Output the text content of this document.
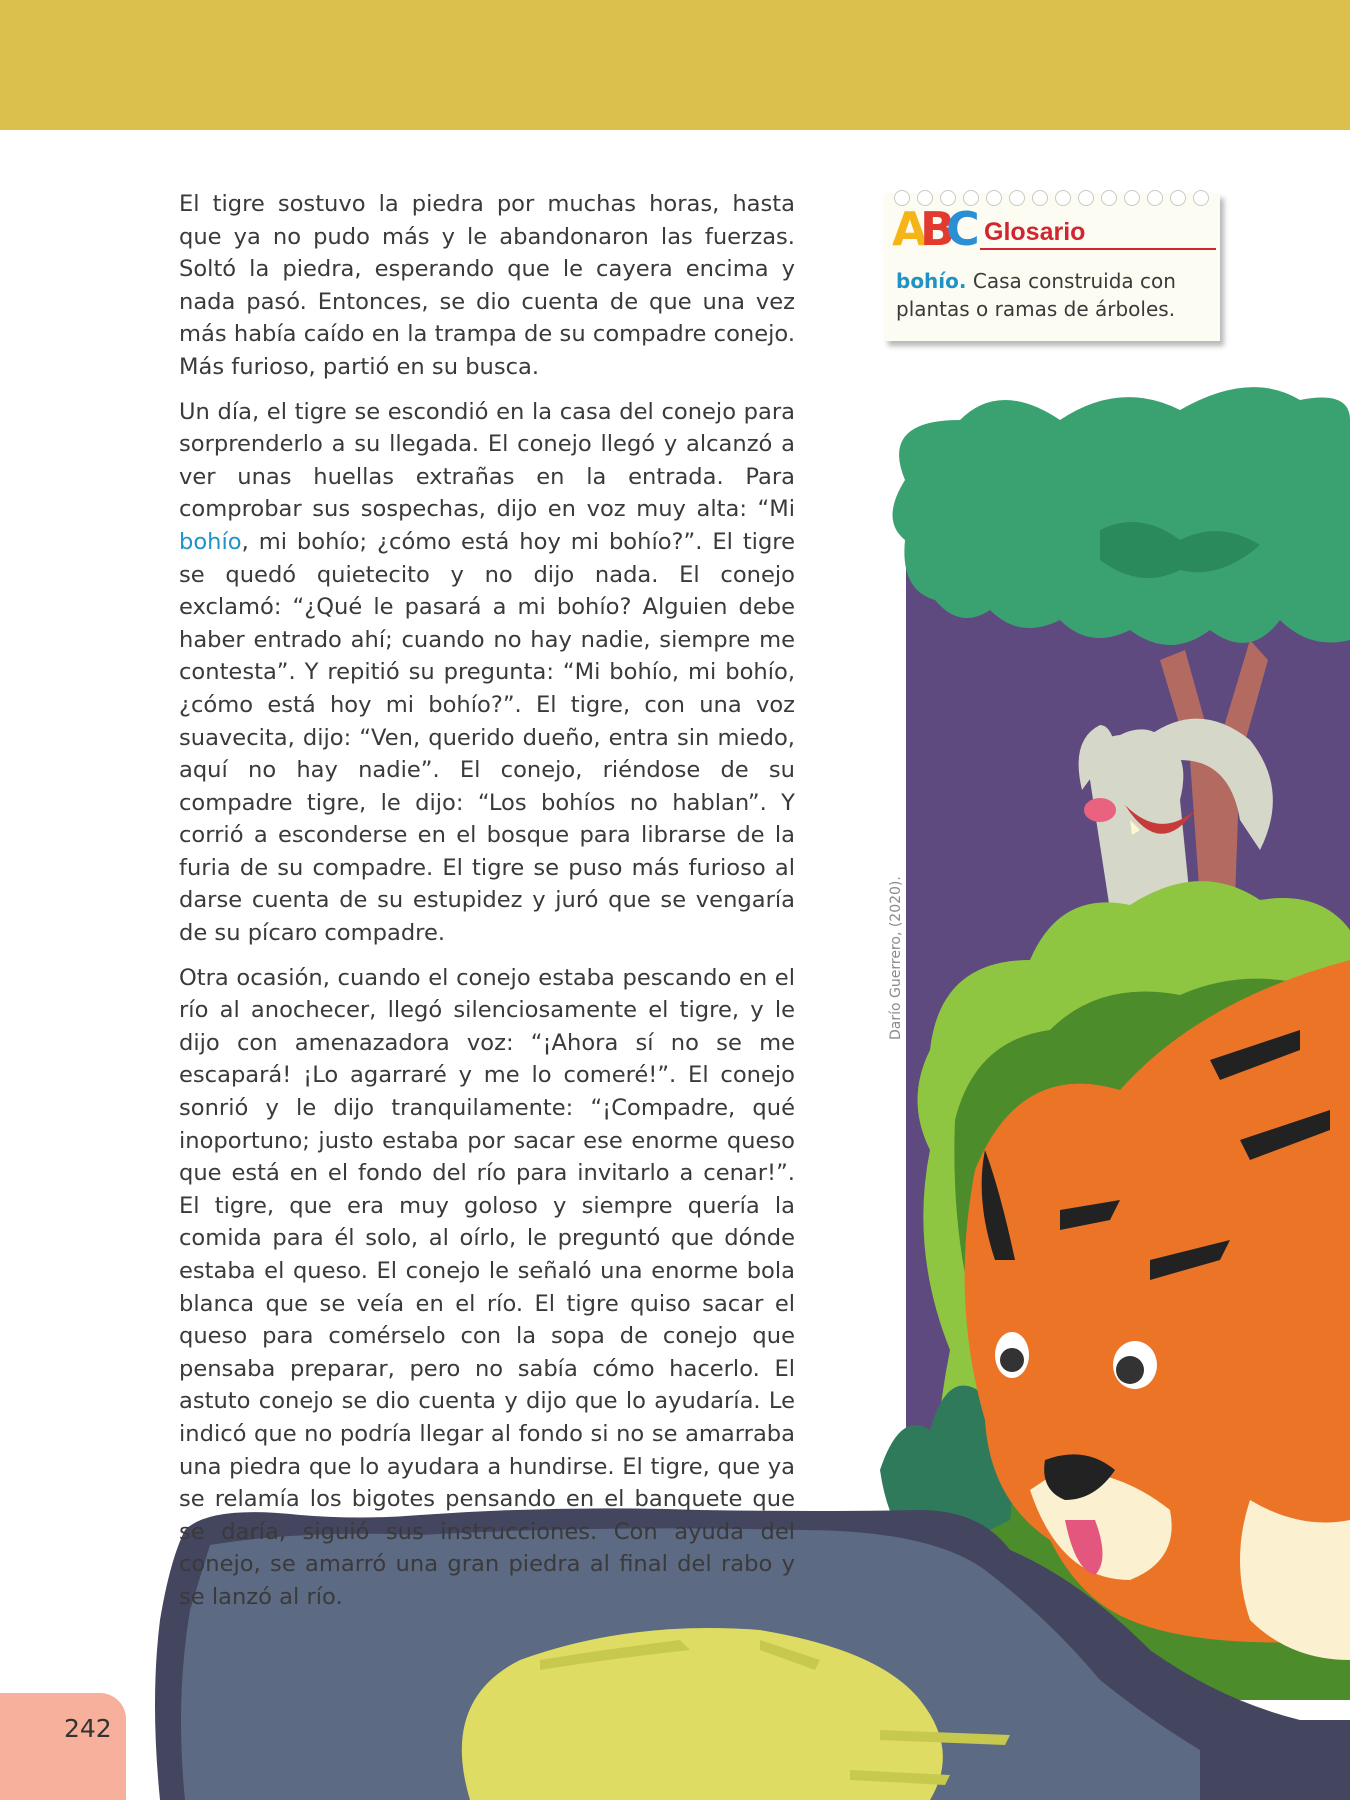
El tigre sostuvo la piedra por muchas horas, hasta que ya no pudo más y le abandonaron las fuerzas. Soltó la piedra, esperando que le cayera encima y nada pasó. Entonces, se dio cuenta de que una vez más había caído en la trampa de su compadre conejo. Más furioso, partió en su busca.

Un día, el tigre se escondió en la casa del conejo para sorprenderlo a su llegada. El conejo llegó y alcanzó a ver unas huellas extrañas en la entrada. Para comprobar sus sospechas, dijo en voz muy alta: “Mi bohío, mi bohío; ¿cómo está hoy mi bohío?”. El tigre se quedó quietecito y no dijo nada. El conejo exclamó: “¿Qué le pasará a mi bohío? Alguien debe haber entrado ahí; cuando no hay nadie, siempre me contesta”. Y repitió su pregunta: “Mi bohío, mi bohío, ¿cómo está hoy mi bohío?”. El tigre, con una voz suavecita, dijo: “Ven, querido dueño, entra sin miedo, aquí no hay nadie”. El conejo, riéndose de su compadre tigre, le dijo: “Los bohíos no hablan”. Y corrió a esconderse en el bosque para librarse de la furia de su compadre. El tigre se puso más furioso al darse cuenta de su estupidez y juró que se vengaría de su pícaro compadre.

Otra ocasión, cuando el conejo estaba pescando en el río al anochecer, llegó silenciosamente el tigre, y le dijo con amenazadora voz: “¡Ahora sí no se me escapará! ¡Lo agarraré y me lo comeré!”. El conejo sonrió y le dijo tranquilamente: “¡Compadre, qué inoportuno; justo estaba por sacar ese enorme queso que está en el fondo del río para invitarlo a cenar!”. El tigre, que era muy goloso y siempre quería la comida para él solo, al oírlo, le preguntó que dónde estaba el queso. El conejo le señaló una enorme bola blanca que se veía en el río. El tigre quiso sacar el queso para comérselo con la sopa de conejo que pensaba preparar, pero no sabía cómo hacerlo. El astuto conejo se dio cuenta y dijo que lo ayudaría. Le indicó que no podría llegar al fondo si no se amarraba una piedra que lo ayudara a hundirse. El tigre, que ya se relamía los bigotes pensando en el banquete que se daría, siguió sus instrucciones. Con ayuda del conejo, se amarró una gran piedra al final del rabo y se lanzó al río.

A
B
C Glosario
bohío. Casa construida con plantas o ramas de árboles.
Darío Guerrero, (2020).
242
